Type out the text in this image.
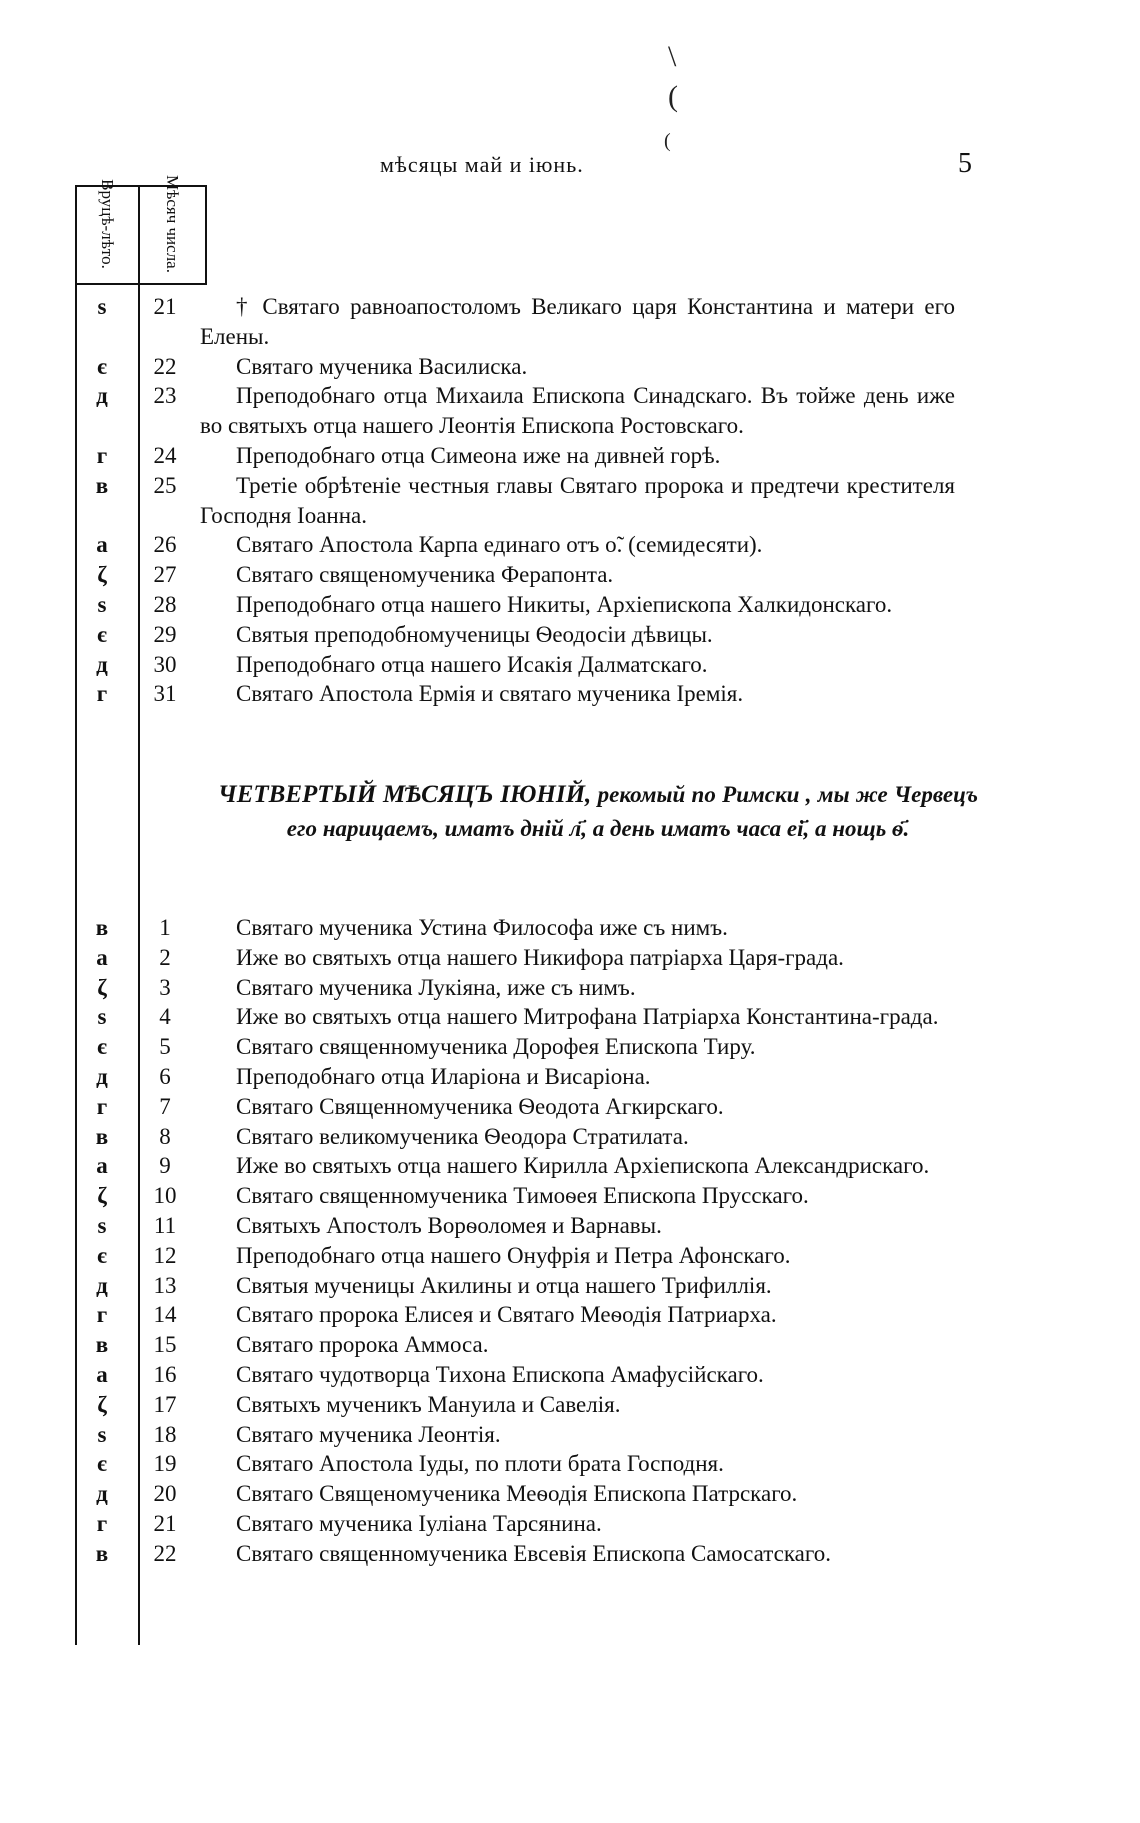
\
(
(
мѣсяцы май и іюнь.	5
Вруцѣ-лѣто.	Мѣсяч числа.
s	21	† Святаго равноапостоломъ Великаго царя Константина и матери его Елены.
є	22	Святаго мученика Василиска.
д	23	Преподобнаго отца Михаила Епископа Синадскаго. Въ тойже день иже во святыхъ отца нашего Леонтія Епископа Ростовскаго.
г	24	Преподобнаго отца Симеона иже на дивней горѣ.
в	25	Третіе обрѣтеніе честныя главы Святаго пророка и предтечи крестителя Господня Іоанна.
а	26	Святаго Апостола Карпа единаго отъ о̃. (семидесяти).
ζ	27	Святаго священомученика Ферапонта.
s	28	Преподобнаго отца нашего Никиты, Архіепископа Халкидонскаго.
є	29	Святыя преподобномученицы Ѳеодосіи дѣвицы.
д	30	Преподобнаго отца нашего Исакія Далматскаго.
г	31	Святаго Апостола Ермія и святаго мученика Іремія.
ЧЕТВЕРТЫЙ МѢСЯЦЪ ІЮНІЙ, рекомый по Римски , мы же Червецъ его нарицаемъ, иматъ дній л҃, а день иматъ часа еі҃, а нощь ѳ҃.
в	1	Святаго мученика Устина Философа иже съ нимъ.
а	2	Иже во святыхъ отца нашего Никифора патріарха Царя-града.
ζ	3	Святаго мученика Лукіяна, иже съ нимъ.
s	4	Иже во святыхъ отца нашего Митрофана Патріарха Константина-града.
є	5	Святаго священномученика Дорофея Епископа Тиру.
д	6	Преподобнаго отца Иларіона и Висаріона.
г	7	Святаго Священномученика Ѳеодота Агкирскаго.
в	8	Святаго великомученика Ѳеодора Стратилата.
а	9	Иже во святыхъ отца нашего Кирилла Архіепископа Александрискаго.
ζ	10	Святаго священномученика Тимоѳея Епископа Прусскаго.
s	11	Святыхъ Апостолъ Ворѳоломея и Варнавы.
є	12	Преподобнаго отца нашего Онуфрія и Петра Афонскаго.
д	13	Святыя мученицы Акилины и отца нашего Трифиллія.
г	14	Святаго пророка Елисея и Святаго Меѳодія Патриарха.
в	15	Святаго пророка Аммоса.
а	16	Святаго чудотворца Тихона Епископа Амафусійскаго.
ζ	17	Святыхъ мученикъ Мануила и Савелія.
s	18	Святаго мученика Леонтія.
є	19	Святаго Апостола Іуды, по плоти брата Господня.
д	20	Святаго Священомученика Меѳодія Епископа Патрскаго.
г	21	Святаго мученика Іуліана Тарсянина.
в	22	Святаго священномученика Евсевія Епископа Самосатскаго.
